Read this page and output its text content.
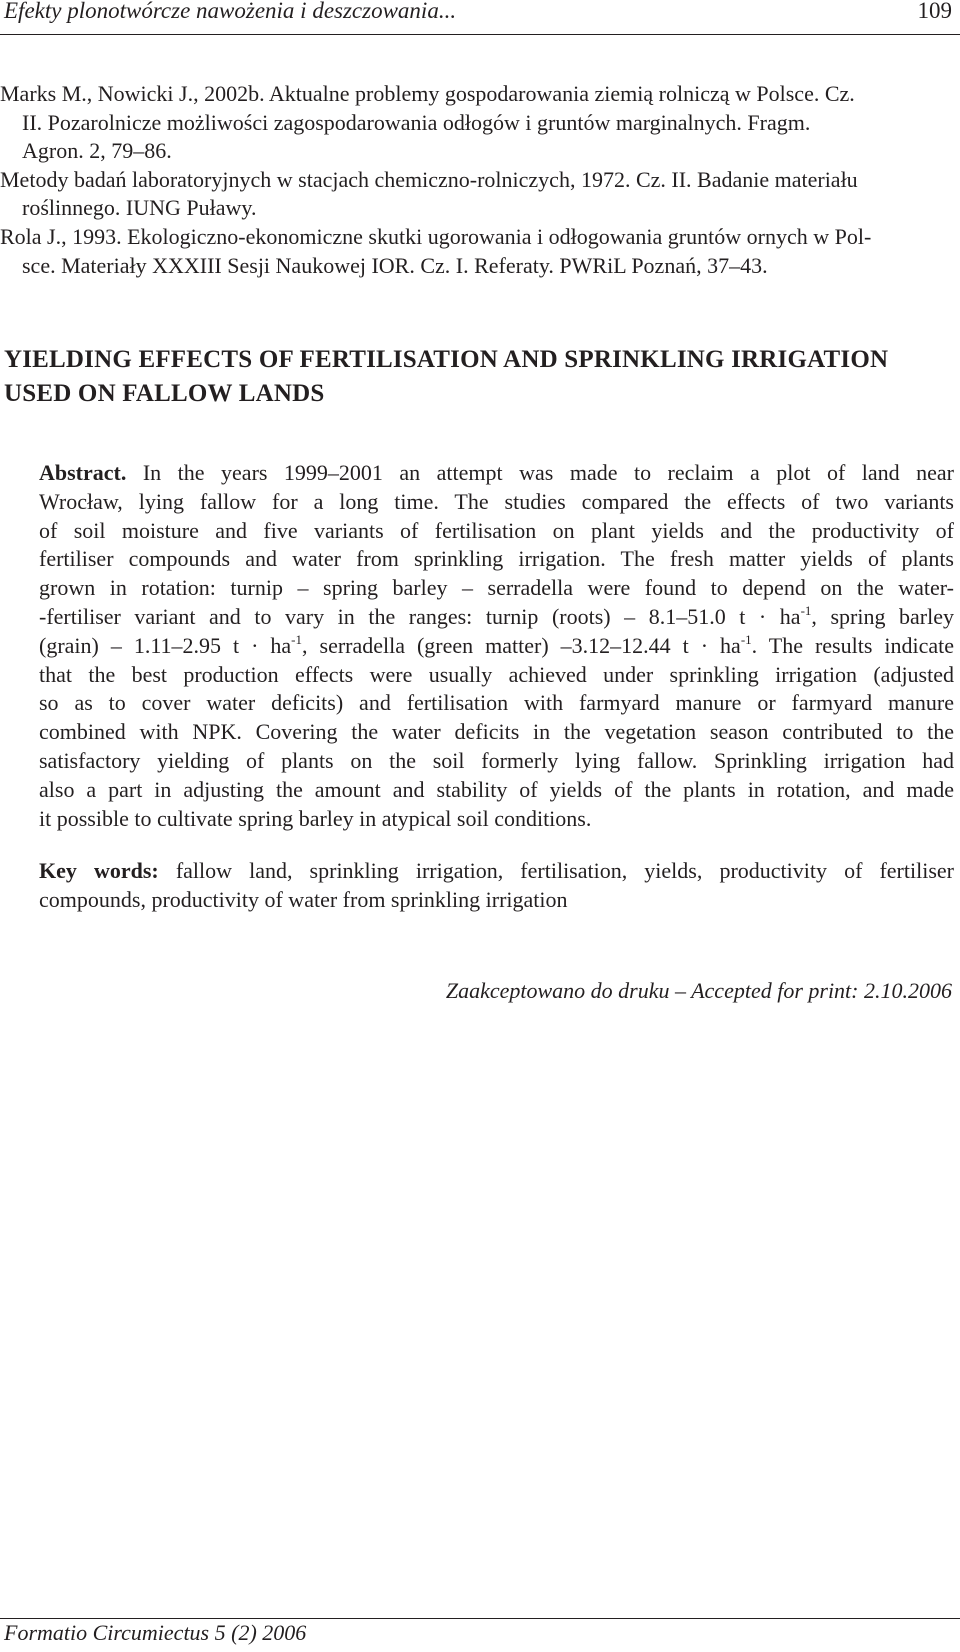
Efekty plonotwórcze nawożenia i deszczowania...	109
Marks M., Nowicki J., 2002b. Aktualne problemy gospodarowania ziemią rolniczą w Polsce. Cz.
II. Pozarolnicze możliwości zagospodarowania odłogów i gruntów marginalnych. Fragm.
Agron. 2, 79–86.
Metody badań laboratoryjnych w stacjach chemiczno-rolniczych, 1972. Cz. II. Badanie materiału
roślinnego. IUNG Puławy.
Rola J., 1993. Ekologiczno-ekonomiczne skutki ugorowania i odłogowania gruntów ornych w Pol-
sce. Materiały XXXIII Sesji Naukowej IOR. Cz. I. Referaty. PWRiL Poznań, 37–43.
YIELDING EFFECTS OF FERTILISATION AND SPRINKLING IRRIGATION
USED ON FALLOW LANDS
Abstract. In the years 1999–2001 an attempt was made to reclaim a plot of land near
Wrocław, lying fallow for a long time. The studies compared the effects of two variants
of soil moisture and five variants of fertilisation on plant yields and the productivity of
fertiliser compounds and water from sprinkling irrigation. The fresh matter yields of plants
grown in rotation: turnip – spring barley – serradella were found to depend on the water-
-fertiliser variant and to vary in the ranges: turnip (roots) – 8.1–51.0 $t \cdot ha^{-1}$, spring barley
(grain) – 1.11–2.95 $t \cdot ha^{-1}$, serradella (green matter) –3.12–12.44 $t \cdot ha^{-1}$. The results indicate
that the best production effects were usually achieved under sprinkling irrigation (adjusted
so as to cover water deficits) and fertilisation with farmyard manure or farmyard manure
combined with NPK. Covering the water deficits in the vegetation season contributed to the
satisfactory yielding of plants on the soil formerly lying fallow. Sprinkling irrigation had
also a part in adjusting the amount and stability of yields of the plants in rotation, and made
it possible to cultivate spring barley in atypical soil conditions.
Key words: fallow land, sprinkling irrigation, fertilisation, yields, productivity of fertiliser
compounds, productivity of water from sprinkling irrigation
Zaakceptowano do druku – Accepted for print: 2.10.2006
Formatio Circumiectus 5 (2) 2006
